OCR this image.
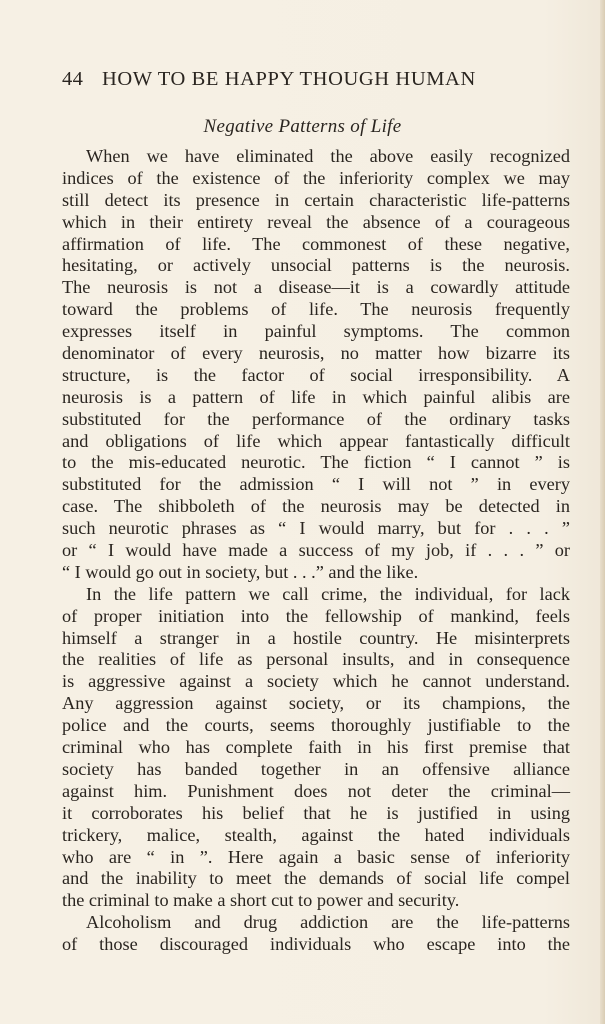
44 HOW TO BE HAPPY THOUGH HUMAN
Negative Patterns of Life
When we have eliminated the above easily recognized
indices of the existence of the inferiority complex we may
still detect its presence in certain characteristic life-patterns
which in their entirety reveal the absence of a courageous
affirmation of life. The commonest of these negative,
hesitating, or actively unsocial patterns is the neurosis.
The neurosis is not a disease—it is a cowardly attitude
toward the problems of life. The neurosis frequently
expresses itself in painful symptoms. The common
denominator of every neurosis, no matter how bizarre its
structure, is the factor of social irresponsibility. A
neurosis is a pattern of life in which painful alibis are
substituted for the performance of the ordinary tasks
and obligations of life which appear fantastically difficult
to the mis-educated neurotic. The fiction “ I cannot ” is
substituted for the admission “ I will not ” in every
case. The shibboleth of the neurosis may be detected in
such neurotic phrases as “ I would marry, but for . . . ”
or “ I would have made a success of my job, if . . . ” or
“ I would go out in society, but . . .” and the like.
In the life pattern we call crime, the individual, for lack
of proper initiation into the fellowship of mankind, feels
himself a stranger in a hostile country. He misinterprets
the realities of life as personal insults, and in consequence
is aggressive against a society which he cannot understand.
Any aggression against society, or its champions, the
police and the courts, seems thoroughly justifiable to the
criminal who has complete faith in his first premise that
society has banded together in an offensive alliance
against him. Punishment does not deter the criminal—
it corroborates his belief that he is justified in using
trickery, malice, stealth, against the hated individuals
who are “ in ”. Here again a basic sense of inferiority
and the inability to meet the demands of social life compel
the criminal to make a short cut to power and security.
Alcoholism and drug addiction are the life-patterns
of those discouraged individuals who escape into the
